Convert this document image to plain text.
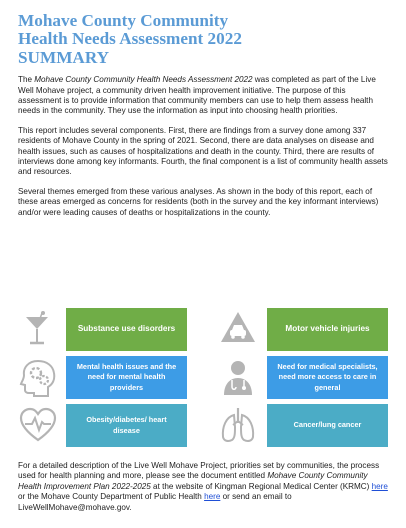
Mohave County Community
Health Needs Assessment 2022
SUMMARY

The Mohave County Community Health Needs Assessment 2022 was completed as part of the Live Well Mohave project, a community driven health improvement initiative. The purpose of this assessment is to provide information that community members can use to help them assess health needs in the community. They use the information as input into choosing health priorities.

This report includes several components. First, there are findings from a survey done among 337 residents of Mohave County in the spring of 2021. Second, there are data analyses on disease and health issues, such as causes of hospitalizations and death in the county. Third, there are results of interviews done among key informants. Fourth, the final component is a list of community health assets and resources.

Several themes emerged from these various analyses. As shown in the body of this report, each of these areas emerged as concerns for residents (both in the survey and the key informant interviews) and/or were leading causes of deaths or hospitalizations in the county.

Substance use disorders	Motor vehicle injuries
Mental health issues and the need for mental health providers
Need for medical specialists, need more access to care in general
Obesity/diabetes/ heart disease
Cancer/lung cancer

For a detailed description of the Live Well Mohave Project, priorities set by communities, the process used for health planning and more, please see the document entitled Mohave County Community Health Improvement Plan 2022-2025 at the website of Kingman Regional Medical Center (KRMC) here or the Mohave County Department of Public Health here or send an email to LiveWellMohave@mohave.gov.
